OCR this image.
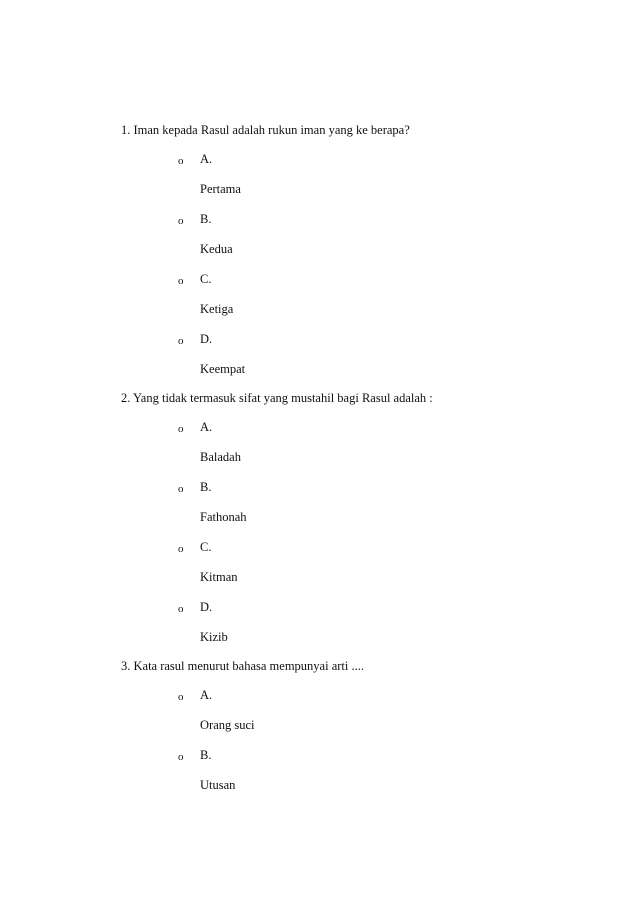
1. Iman kepada Rasul adalah rukun iman yang ke berapa?
o A.
Pertama
o B.
Kedua
o C.
Ketiga
o D.
Keempat
2. Yang tidak termasuk sifat yang mustahil bagi Rasul adalah :
o A.
Baladah
o B.
Fathonah
o C.
Kitman
o D.
Kizib
3. Kata rasul menurut bahasa mempunyai arti ....
o A.
Orang suci
o B.
Utusan
